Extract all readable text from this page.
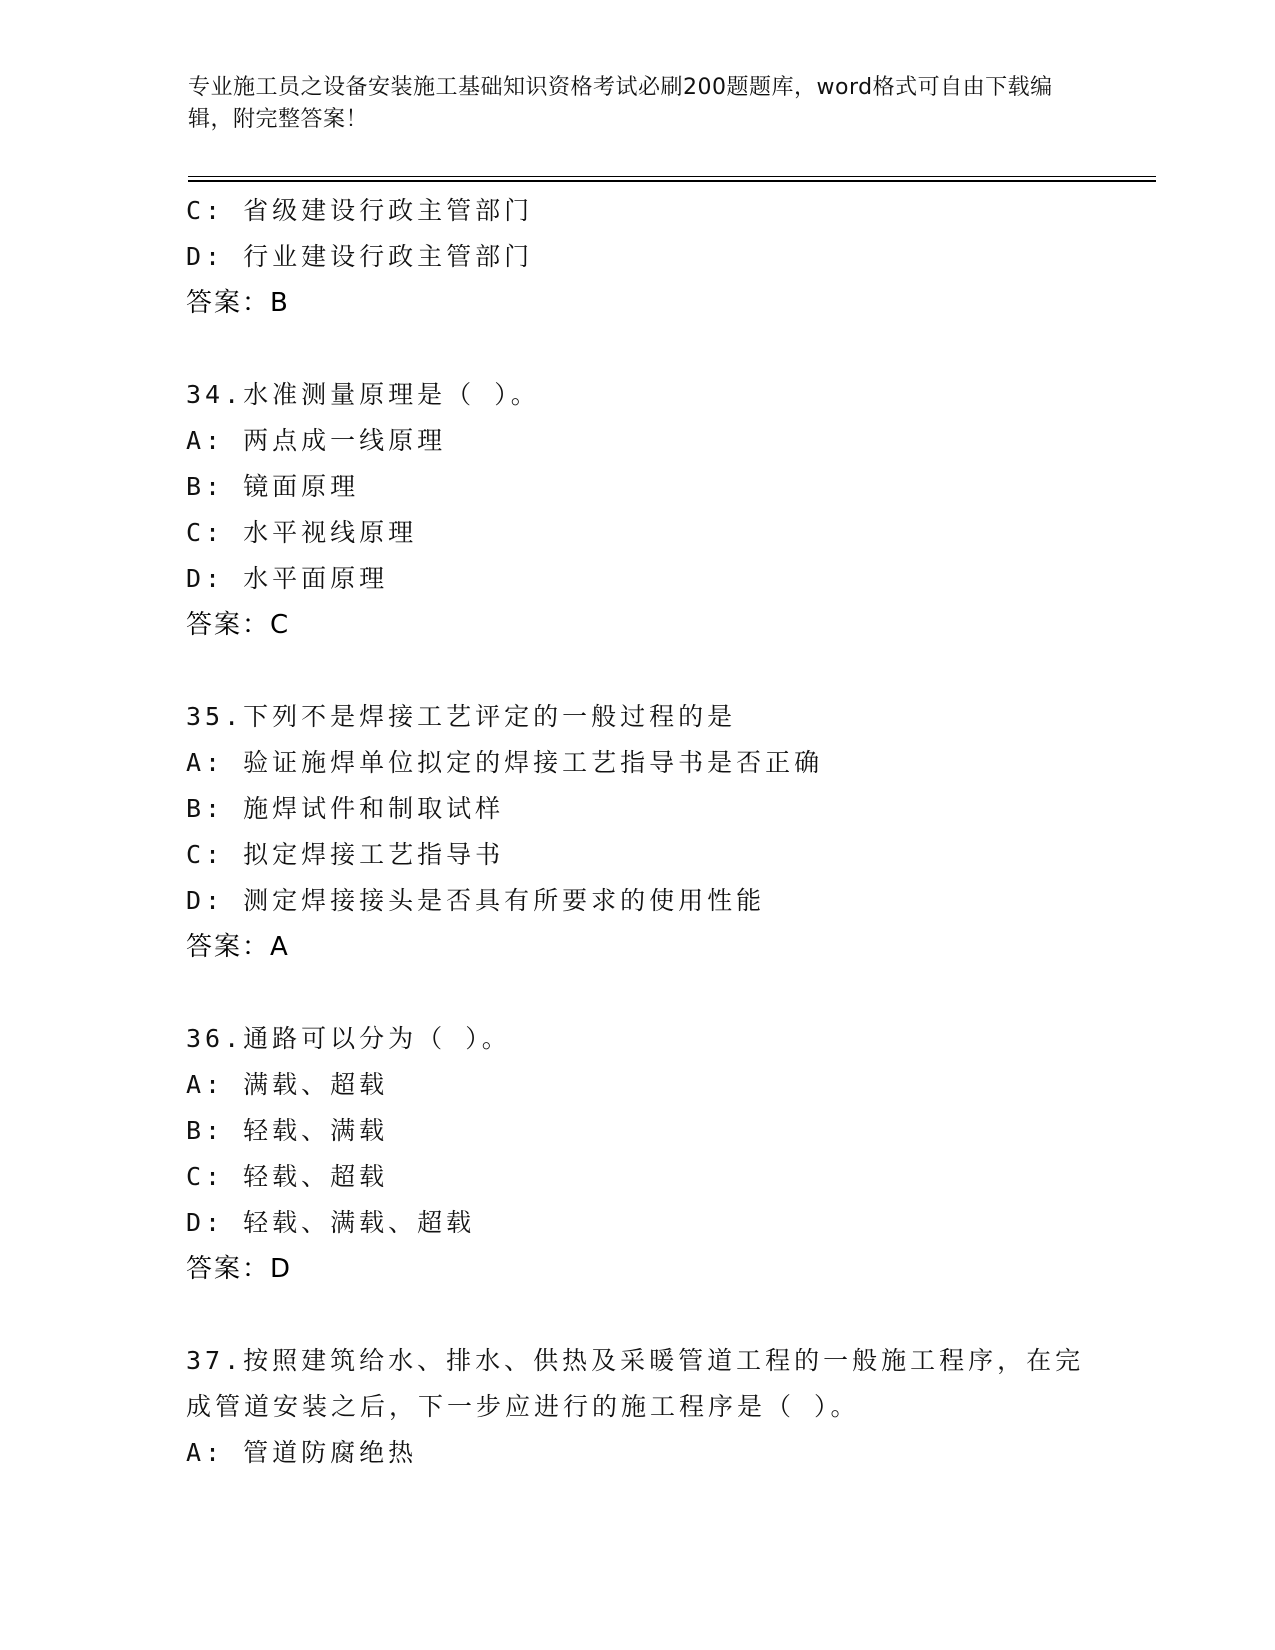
专业施工员之设备安装施工基础知识资格考试必刷200题题库，word格式可自由下载编辑，附完整答案！
C: 省级建设行政主管部门
D: 行业建设行政主管部门
答案：B
34.水准测量原理是（ ）。
A: 两点成一线原理
B: 镜面原理
C: 水平视线原理
D: 水平面原理
答案：C
35.下列不是焊接工艺评定的一般过程的是
A: 验证施焊单位拟定的焊接工艺指导书是否正确
B: 施焊试件和制取试样
C: 拟定焊接工艺指导书
D: 测定焊接接头是否具有所要求的使用性能
答案：A
36.通路可以分为（ ）。
A: 满载、超载
B: 轻载、满载
C: 轻载、超载
D: 轻载、满载、超载
答案：D
37.按照建筑给水、排水、供热及采暖管道工程的一般施工程序，在完成管道安装之后，下一步应进行的施工程序是（ ）。
A: 管道防腐绝热
